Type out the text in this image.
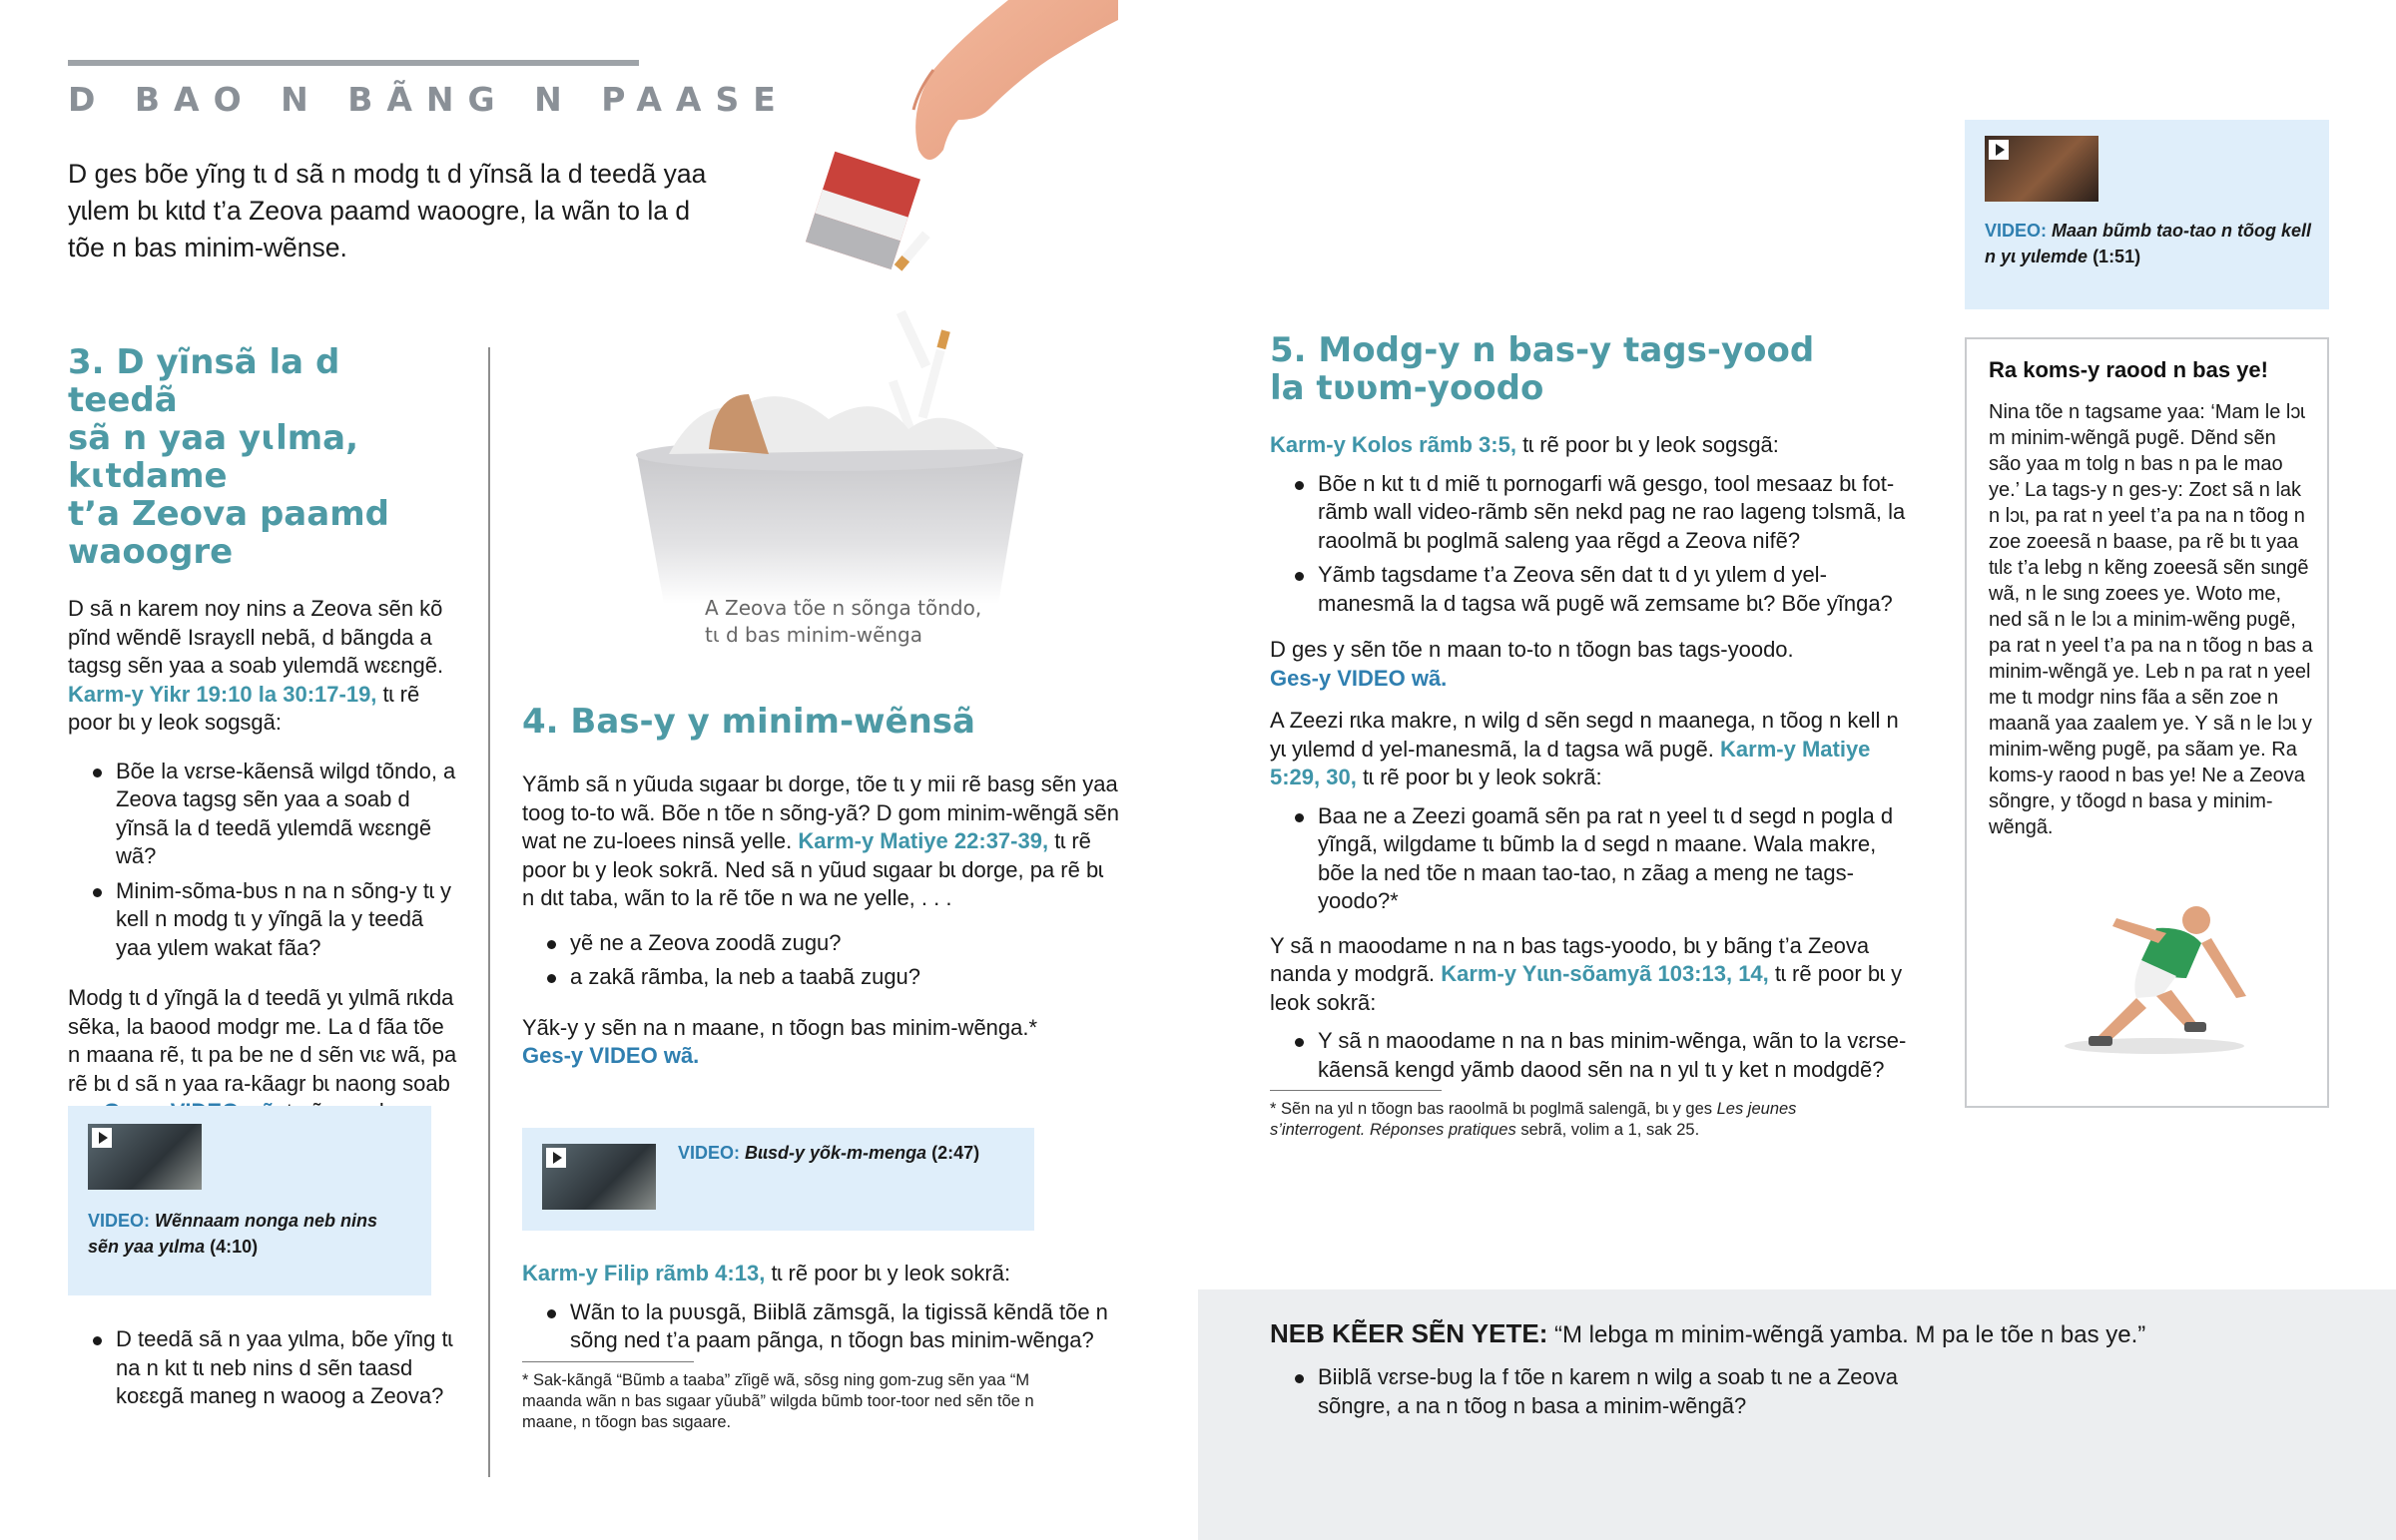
D BAO N BÃNG N PAASE
D ges bõe yĩng tɩ d sã n modg tɩ d yĩnsã la d teedã yaa yɩlem bɩ kɩtd t’a Zeova paamd waoogre, la wãn to la d tõe n bas minim-wẽnse.
A Zeova tõe n sõnga tõndo,
tɩ d bas minim-wẽnga
3. D yĩnsã la d teedã
sã n yaa yɩlma, kɩtdame
t’a Zeova paamd
waoogre

D sã n karem noy nins a Zeova sẽn kõ pĩnd wẽndẽ Israyɛll nebã, d bãngda a tagsg sẽn yaa a soab yɩlemdã wɛɛngẽ. Karm-y Yikr 19:10 la 30:17-19, tɩ rẽ poor bɩ y leok sogsgã:

Bõe la vɛrse-kãensã wilgd tõndo, a Zeova tagsg sẽn yaa a soab d yĩnsã la d teedã yɩlemdã wɛɛngẽ wã?
Minim-sõma-bʋs n na n sõng-y tɩ y kell n modg tɩ y yĩngã la y teedã yaa yɩlem wakat fãa?

Modg tɩ d yĩngã la d teedã yɩ yɩlmã rɩkda sẽka, la baood modgr me. La d fãa tõe n maana rẽ, tɩ pa be ne d sẽn vɩɛ wã, pa rẽ bɩ d sã n yaa ra-kãagr bɩ naong soab

VIDEO: Wẽnnaam nonga neb nins sẽn yaa yɩlma (4:10)
D teedã sã n yaa yɩlma, bõe yĩng tɩ na n kɩt tɩ neb nins d sẽn taasd koɛɛgã maneg n waoog a Zeova?
4. Bas-y y minim-wẽnsã

Yãmb sã n yũuda sɩgaar bɩ dorge, tõe tɩ y mii rẽ basg sẽn yaa toog to-to wã. Bõe n tõe n sõng-yã? D gom minim-wẽngã sẽn wat ne zu-loees ninsã yelle. Karm-y Matiye 22:37-39, tɩ rẽ poor bɩ y leok sokrã. Ned sã n yũud sɩgaar bɩ dorge, pa rẽ bɩ n dɩt taba, wãn to la rẽ tõe n wa ne yelle, . . .

yẽ ne a Zeova zoodã zugu?
a zakã rãmba, la neb a taabã zugu?

Yãk-y y sẽn na n maane, n tõogn bas minim-wẽnga.*
Ges-y VIDEO wã.

VIDEO: Bɩɩsd-y yõk-m-menga (2:47)

Karm-y Filip rãmb 4:13, tɩ rẽ poor bɩ y leok sokrã:

Wãn to la pʋʋsgã, Biiblã zãmsgã, la tigissã kẽndã tõe n sõng ned t’a paam pãnga, n tõogn bas minim-wẽnga?
* Sak-kãngã “Bũmb a taaba” zĩigẽ wã, sõsg ning gom-zug sẽn yaa “M maanda wãn n bas sɩgaar yũubã” wilgda bũmb toor-toor ned sẽn tõe n maane, n tõogn bas sɩgaare.
5. Modg-y n bas-y tags-yood
la tʋʋm-yoodo

Karm-y Kolos rãmb 3:5, tɩ rẽ poor bɩ y leok sogsgã:

Bõe n kɩt tɩ d miẽ tɩ pornogarfi wã gesgo, tool mesaaz bɩ fot-rãmb wall video-rãmb sẽn nekd pag ne rao lageng tɔlsmã, la raoolmã bɩ poglmã saleng yaa rẽgd a Zeova nifẽ?
Yãmb tagsdame t’a Zeova sẽn dat tɩ d yɩ yɩlem d yel-manesmã la d tagsa wã pʋgẽ wã zemsame bɩ? Bõe yĩnga?

D ges y sẽn tõe n maan to-to n tõogn bas tags-yoodo.
Ges-y VIDEO wã.

A Zeezi rɩka makre, n wilg d sẽn segd n maanega, n tõog n kell n yɩ yɩlemd d yel-manesmã, la d tagsa wã pʋgẽ. Karm-y Matiye 5:29, 30, tɩ rẽ poor bɩ y leok sokrã:

Baa ne a Zeezi goamã sẽn pa rat n yeel tɩ d segd n pogla d yĩngã, wilgdame tɩ bũmb la d segd n maane. Wala makre, bõe la ned tõe n maan tao-tao, n zãag a meng ne tags-yoodo?*

Y sã n maoodame n na n bas tags-yoodo, bɩ y bãng t’a Zeova nanda y modgrã. Karm-y Yɩɩn-sõamyã 103:13, 14, tɩ rẽ poor bɩ y leok sokrã:

Y sã n maoodame n na n bas minim-wẽnga, wãn to la vɛrse-kãensã kengd yãmb daood sẽn na n yɩl tɩ y ket n modgdẽ?
* Sẽn na yɩl n tõogn bas raoolmã bɩ poglmã salengã, bɩ y ges Les jeunes s’interrogent. Réponses pratiques sebrã, volim a 1, sak 25.
VIDEO: Maan bũmb tao-tao n tõog kell n yɩ yɩlemde (1:51)
Ra koms-y raood n bas ye!
Nina tõe n tagsame yaa: ‘Mam le lɔɩ m minim-wẽngã pʋgẽ. Dẽnd sẽn são yaa m tolg n bas n pa le mao ye.’ La tags-y n ges-y: Zoɛt sã n lak n lɔɩ, pa rat n yeel t’a pa na n tõog n zoe zoeesã n baase, pa rẽ bɩ tɩ yaa tɩlɛ t’a lebg n kẽng zoeesã sẽn sɩngẽ wã, n le sɩng zoees ye. Woto me, ned sã n le lɔɩ a minim-wẽng pʋgẽ, pa rat n yeel t’a pa na n tõog n bas a minim-wẽngã ye. Leb n pa rat n yeel me tɩ modgr nins fãa a sẽn zoe n maanã yaa zaalem ye. Y sã n le lɔɩ y minim-wẽng pʋgẽ, pa sãam ye. Ra koms-y raood n bas ye! Ne a Zeova sõngre, y tõogd n basa y minim-wẽngã.
NEB KẼER SẼN YETE: “M lebga m minim-wẽngã yamba. M pa le tõe n bas ye.”
Biiblã vɛrse-bʋg la f tõe n karem n wilg a soab tɩ ne a Zeova sõngre, a na n tõog n basa a minim-wẽngã?
